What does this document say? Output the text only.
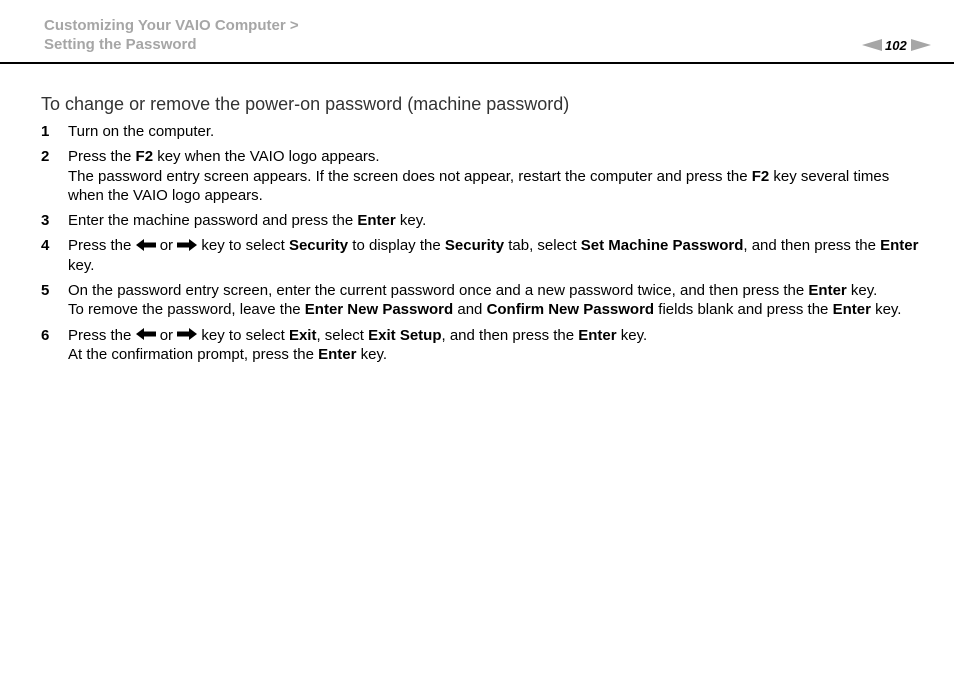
Customizing Your VAIO Computer >
Setting the Password	102
To change or remove the power-on password (machine password)
1 Turn on the computer.

2 Press the F2 key when the VAIO logo appears.

The password entry screen appears. If the screen does not appear, restart the computer and press the F2 key several times when the VAIO logo appears.

3 Enter the machine password and press the Enter key.

4 Press the  or  key to select Security to display the Security tab, select Set Machine Password, and then press the Enter key.

5 On the password entry screen, enter the current password once and a new password twice, and then press the Enter key.

To remove the password, leave the Enter New Password and Confirm New Password fields blank and press the Enter key.

6 Press the  or  key to select Exit, select Exit Setup, and then press the Enter key.

At the confirmation prompt, press the Enter key.
